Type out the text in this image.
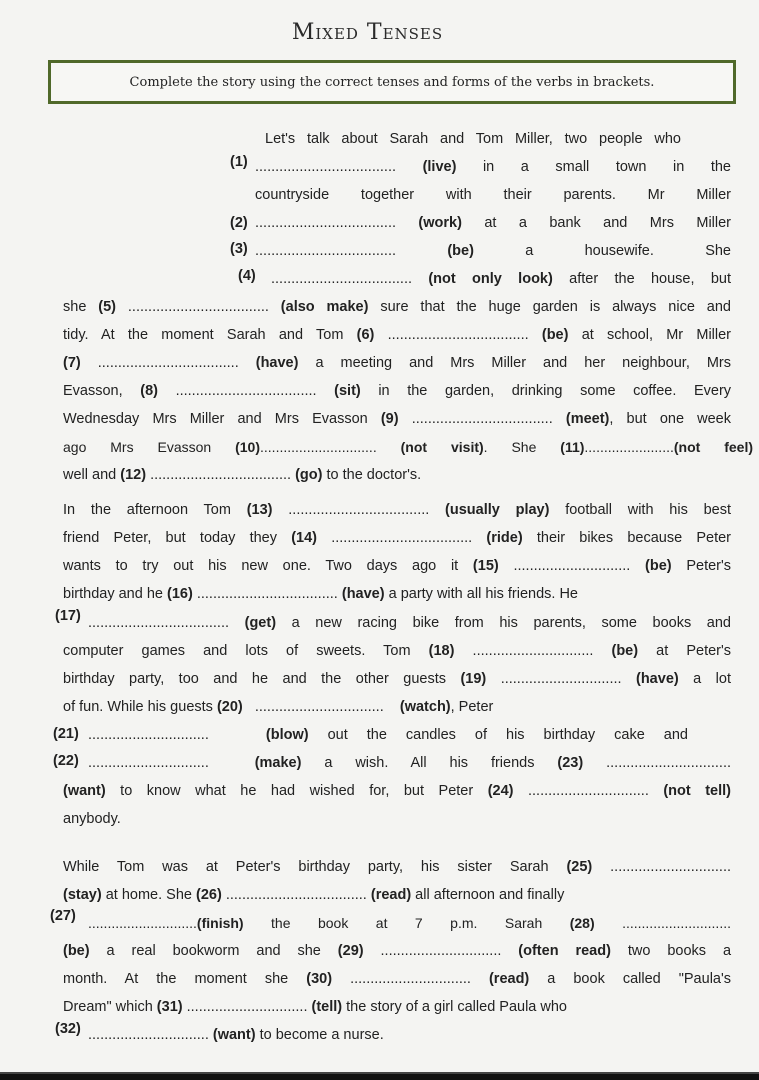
Mixed Tenses
Complete the story using the correct tenses and forms of the verbs in brackets.
Let's talk about Sarah and Tom Miller, two people who
(1) ................................... (live) in a small town in the
countryside together with their parents. Mr Miller
(2) ................................... (work) at a bank and Mrs Miller
(3) ...................................	(be) a housewife. She
(4) ................................... (not only look) after the house, but
she (5) ................................... (also make) sure that the huge garden is always nice and
tidy. At the moment Sarah and Tom (6) ................................... (be) at school, Mr Miller
(7) ................................... (have) a meeting and Mrs Miller and her neighbour, Mrs
Evasson, (8) ................................... (sit) in the garden, drinking some coffee. Every
Wednesday Mrs Miller and Mrs Evasson (9) ................................... (meet), but one week
ago Mrs Evasson (10).............................. (not visit). She (11).......................(not feel)
well and (12) ................................... (go) to the doctor's.
In the afternoon Tom (13) ................................... (usually play) football with his best
friend Peter, but today they (14) ................................... (ride) their bikes because Peter
wants to try out his new one. Two days ago it (15) ............................. (be) Peter's
birthday and he (16) ................................... (have) a party with all his friends. He
(17) ................................... (get) a new racing bike from his parents, some books and
computer games and lots of sweets. Tom (18) .............................. (be) at Peter's
birthday party, too and he and the other guests (19) .............................. (have) a lot
of fun. While his guests (20) ................................ (watch), Peter
(21) ..............................	(blow) out the candles of his birthday cake and
(22) ..............................	(make) a wish. All his friends (23) ...............................
(want) to know what he had wished for, but Peter (24) .............................. (not tell)
anybody.
While Tom was at Peter's birthday party, his sister Sarah (25) ..............................
(stay) at home. She (26) ................................... (read) all afternoon and finally
(27) ............................(finish) the book at 7 p.m. Sarah (28) ............................
(be) a real bookworm and she (29) .............................. (often read) two books a
month. At the moment she (30) .............................. (read) a book called "Paula's
Dream" which (31) .............................. (tell) the story of a girl called Paula who
(32) .............................. (want) to become a nurse.
